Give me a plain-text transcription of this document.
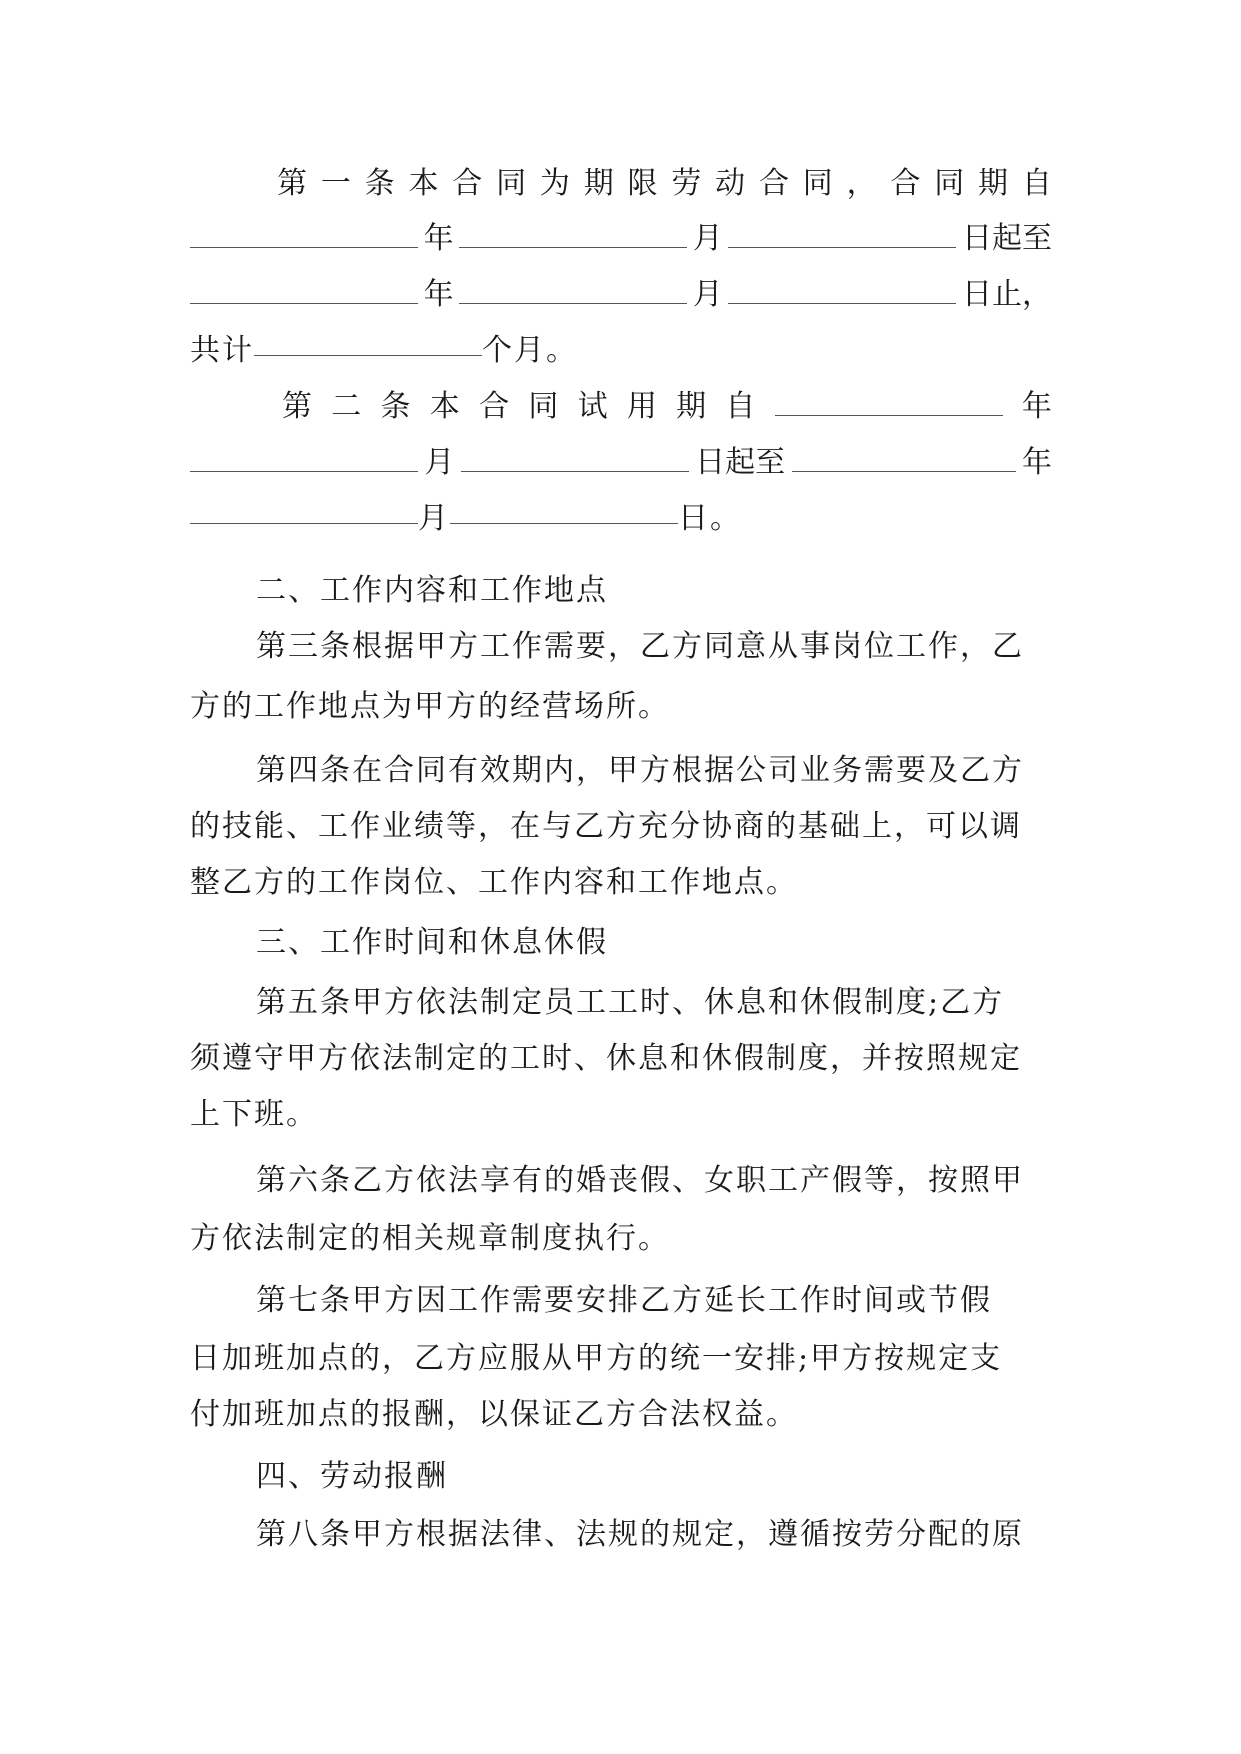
第 一 条 本 合 同 为 期 限 劳 动 合 同 ， 合 同 期 自
年	月	日起至
年	月	日止，
共计	个月。
第 二 条 本 合 同 试 用 期 自	年
月	日起至	年
月	日。
二、工作内容和工作地点
第三条根据甲方工作需要，乙方同意从事岗位工作，乙
方的工作地点为甲方的经营场所。
第四条在合同有效期内，甲方根据公司业务需要及乙方
的技能、工作业绩等，在与乙方充分协商的基础上，可以调
整乙方的工作岗位、工作内容和工作地点。
三、工作时间和休息休假
第五条甲方依法制定员工工时、休息和休假制度;乙方
须遵守甲方依法制定的工时、休息和休假制度，并按照规定
上下班。
第六条乙方依法享有的婚丧假、女职工产假等，按照甲
方依法制定的相关规章制度执行。
第七条甲方因工作需要安排乙方延长工作时间或节假
日加班加点的，乙方应服从甲方的统一安排;甲方按规定支
付加班加点的报酬，以保证乙方合法权益。
四、劳动报酬
第八条甲方根据法律、法规的规定，遵循按劳分配的原
